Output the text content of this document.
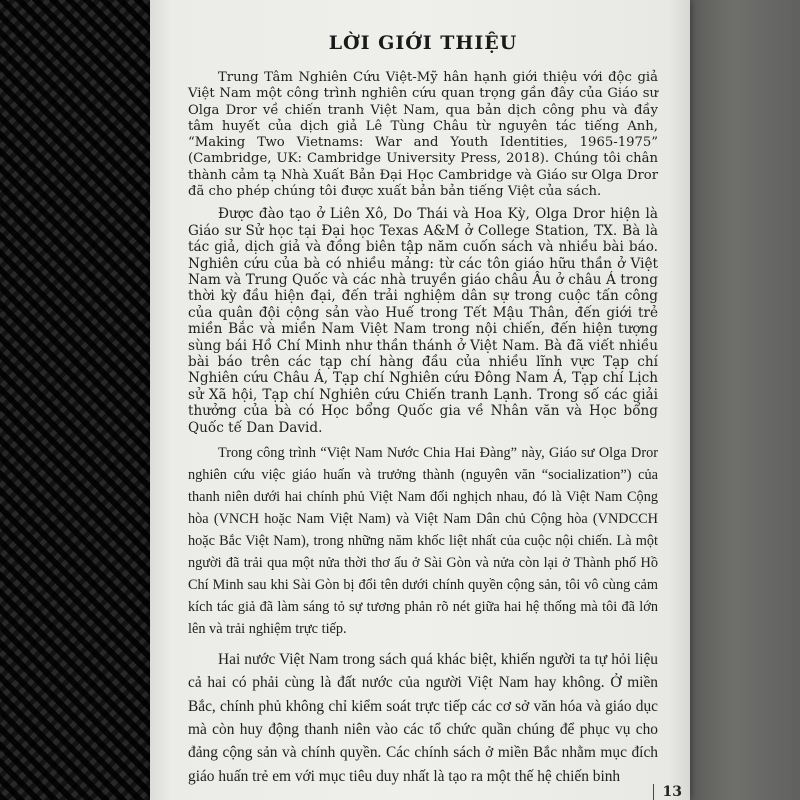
LỜI GIỚI THIỆU

Trung Tâm Nghiên Cứu Việt-Mỹ hân hạnh giới thiệu với độc giả Việt Nam một công trình nghiên cứu quan trọng gần đây của Giáo sư Olga Dror về chiến tranh Việt Nam, qua bản dịch công phu và đầy tâm huyết của dịch giả Lê Tùng Châu từ nguyên tác tiếng Anh, “Making Two Vietnams: War and Youth Identities, 1965-1975” (Cambridge, UK: Cambridge University Press, 2018). Chúng tôi chân thành cảm tạ Nhà Xuất Bản Đại Học Cambridge và Giáo sư Olga Dror đã cho phép chúng tôi được xuất bản bản tiếng Việt của sách.

Được đào tạo ở Liên Xô, Do Thái và Hoa Kỳ, Olga Dror hiện là Giáo sư Sử học tại Đại học Texas A&M ở College Station, TX. Bà là tác giả, dịch giả và đồng biên tập năm cuốn sách và nhiều bài báo. Nghiên cứu của bà có nhiều mảng: từ các tôn giáo hữu thần ở Việt Nam và Trung Quốc và các nhà truyền giáo châu Âu ở châu Á trong thời kỳ đầu hiện đại, đến trải nghiệm dân sự trong cuộc tấn công của quân đội cộng sản vào Huế trong Tết Mậu Thân, đến giới trẻ miền Bắc và miền Nam Việt Nam trong nội chiến, đến hiện tượng sùng bái Hồ Chí Minh như thần thánh ở Việt Nam. Bà đã viết nhiều bài báo trên các tạp chí hàng đầu của nhiều lĩnh vực Tạp chí Nghiên cứu Châu Á, Tạp chí Nghiên cứu Đông Nam Á, Tạp chí Lịch sử Xã hội, Tạp chí Nghiên cứu Chiến tranh Lạnh. Trong số các giải thưởng của bà có Học bổng Quốc gia về Nhân văn và Học bổng Quốc tế Dan David.

Trong công trình “Việt Nam Nước Chia Hai Đàng” này, Giáo sư Olga Dror nghiên cứu việc giáo huấn và trưởng thành (nguyên văn “socialization”) của thanh niên dưới hai chính phủ Việt Nam đối nghịch nhau, đó là Việt Nam Cộng hòa (VNCH hoặc Nam Việt Nam) và Việt Nam Dân chủ Cộng hòa (VNDCCH hoặc Bắc Việt Nam), trong những năm khốc liệt nhất của cuộc nội chiến. Là một người đã trải qua một nửa thời thơ ấu ở Sài Gòn và nửa còn lại ở Thành phố Hồ Chí Minh sau khi Sài Gòn bị đổi tên dưới chính quyền cộng sản, tôi vô cùng cảm kích tác giả đã làm sáng tỏ sự tương phản rõ nét giữa hai hệ thống mà tôi đã lớn lên và trải nghiệm trực tiếp.

Hai nước Việt Nam trong sách quá khác biệt, khiến người ta tự hỏi liệu cả hai có phải cùng là đất nước của người Việt Nam hay không. Ở miền Bắc, chính phủ không chỉ kiểm soát trực tiếp các cơ sở văn hóa và giáo dục mà còn huy động thanh niên vào các tổ chức quần chúng để phục vụ cho đảng cộng sản và chính quyền. Các chính sách ở miền Bắc nhằm mục đích giáo huấn trẻ em với mục tiêu duy nhất là tạo ra một thế hệ chiến binh

13
